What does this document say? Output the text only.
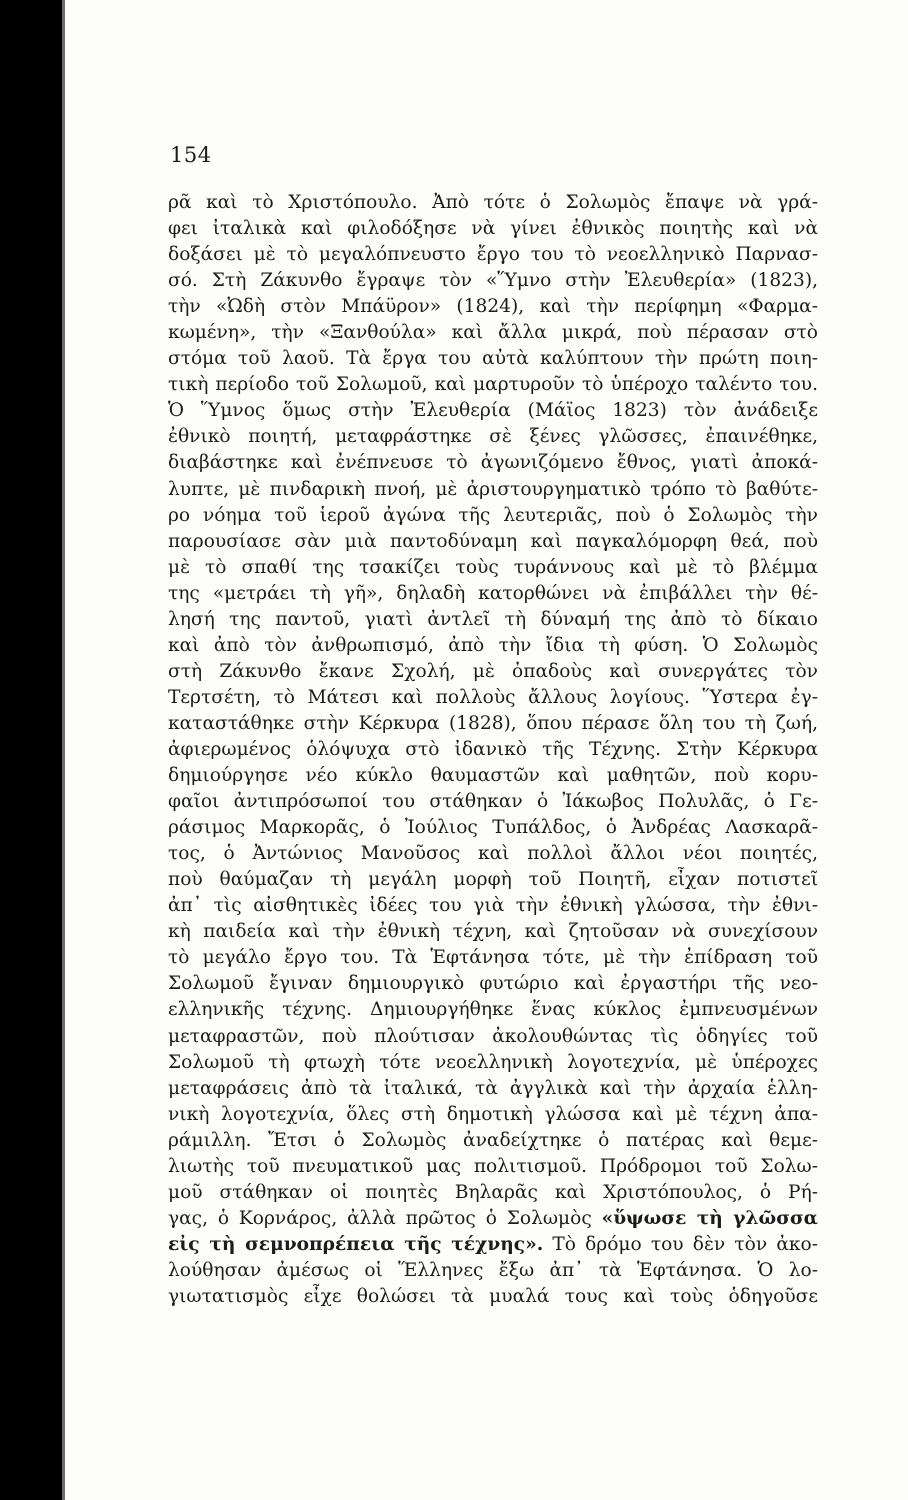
154
ρᾶ καὶ τὸ Χριστόπουλο. Ἀπὸ τότε ὁ Σολωμὸς ἔπαψε νὰ γρά-
φει ἰταλικὰ καὶ φιλοδόξησε νὰ γίνει ἐθνικὸς ποιητὴς καὶ νὰ
δοξάσει μὲ τὸ μεγαλόπνευστο ἔργο του τὸ νεοελληνικὸ Παρνασ-
σό. Στὴ Ζάκυνθο ἔγραψε τὸν «Ὕμνο στὴν Ἐλευθερία» (1823),
τὴν «Ὠδὴ στὸν Μπάϋρον» (1824), καὶ τὴν περίφημη «Φαρμα-
κωμένη», τὴν «Ξανθούλα» καὶ ἄλλα μικρά, ποὺ πέρασαν στὸ
στόμα τοῦ λαοῦ. Τὰ ἔργα του αὐτὰ καλύπτουν τὴν πρώτη ποιη-
τικὴ περίοδο τοῦ Σολωμοῦ, καὶ μαρτυροῦν τὸ ὑπέροχο ταλέντο του.
Ὁ Ὕμνος ὅμως στὴν Ἐλευθερία (Μάϊος 1823) τὸν ἀνάδειξε
ἐθνικὸ ποιητή, μεταφράστηκε σὲ ξένες γλῶσσες, ἐπαινέθηκε,
διαβάστηκε καὶ ἐνέπνευσε τὸ ἀγωνιζόμενο ἔθνος, γιατὶ ἀποκά-
λυπτε, μὲ πινδαρικὴ πνοή, μὲ ἀριστουργηματικὸ τρόπο τὸ βαθύτε-
ρο νόημα τοῦ ἱεροῦ ἀγώνα τῆς λευτεριᾶς, ποὺ ὁ Σολωμὸς τὴν
παρουσίασε σὰν μιὰ παντοδύναμη καὶ παγκαλόμορφη θεά, ποὺ
μὲ τὸ σπαθί της τσακίζει τοὺς τυράννους καὶ μὲ τὸ βλέμμα
της «μετράει τὴ γῆ», δηλαδὴ κατορθώνει νὰ ἐπιβάλλει τὴν θέ-
λησή της παντοῦ, γιατὶ ἀντλεῖ τὴ δύναμή της ἀπὸ τὸ δίκαιο
καὶ ἀπὸ τὸν ἀνθρωπισμό, ἀπὸ τὴν ἴδια τὴ φύση. Ὁ Σολωμὸς
στὴ Ζάκυνθο ἔκανε Σχολή, μὲ ὀπαδοὺς καὶ συνεργάτες τὸν
Τερτσέτη, τὸ Μάτεσι καὶ πολλοὺς ἄλλους λογίους. Ὕστερα ἐγ-
καταστάθηκε στὴν Κέρκυρα (1828), ὅπου πέρασε ὅλη του τὴ ζωή,
ἀφιερωμένος ὁλόψυχα στὸ ἰδανικὸ τῆς Τέχνης. Στὴν Κέρκυρα
δημιούργησε νέο κύκλο θαυμαστῶν καὶ μαθητῶν, ποὺ κορυ-
φαῖοι ἀντιπρόσωποί του στάθηκαν ὁ Ἰάκωβος Πολυλᾶς, ὁ Γε-
ράσιμος Μαρκορᾶς, ὁ Ἰούλιος Τυπάλδος, ὁ Ἀνδρέας Λασκαρᾶ-
τος, ὁ Ἀντώνιος Μανοῦσος καὶ πολλοὶ ἄλλοι νέοι ποιητές,
ποὺ θαύμαζαν τὴ μεγάλη μορφὴ τοῦ Ποιητῆ, εἶχαν ποτιστεῖ
ἀπ᾿ τὶς αἰσθητικὲς ἰδέες του γιὰ τὴν ἐθνικὴ γλώσσα, τὴν ἐθνι-
κὴ παιδεία καὶ τὴν ἐθνικὴ τέχνη, καὶ ζητοῦσαν νὰ συνεχίσουν
τὸ μεγάλο ἔργο του. Τὰ Ἑφτάνησα τότε, μὲ τὴν ἐπίδραση τοῦ
Σολωμοῦ ἔγιναν δημιουργικὸ φυτώριο καὶ ἐργαστήρι τῆς νεο-
ελληνικῆς τέχνης. Δημιουργήθηκε ἕνας κύκλος ἐμπνευσμένων
μεταφραστῶν, ποὺ πλούτισαν ἀκολουθώντας τὶς ὁδηγίες τοῦ
Σολωμοῦ τὴ φτωχὴ τότε νεοελληνικὴ λογοτεχνία, μὲ ὑπέροχες
μεταφράσεις ἀπὸ τὰ ἰταλικά, τὰ ἀγγλικὰ καὶ τὴν ἀρχαία ἑλλη-
νικὴ λογοτεχνία, ὅλες στὴ δημοτικὴ γλώσσα καὶ μὲ τέχνη ἀπα-
ράμιλλη. Ἔτσι ὁ Σολωμὸς ἀναδείχτηκε ὁ πατέρας καὶ θεμε-
λιωτὴς τοῦ πνευματικοῦ μας πολιτισμοῦ. Πρόδρομοι τοῦ Σολω-
μοῦ στάθηκαν οἱ ποιητὲς Βηλαρᾶς καὶ Χριστόπουλος, ὁ Ρή-
γας, ὁ Κορνάρος, ἀλλὰ πρῶτος ὁ Σολωμὸς «ὕψωσε τὴ γλῶσσα
εἰς τὴ σεμνοπρέπεια τῆς τέχνης». Τὸ δρόμο του δὲν τὸν ἀκο-
λούθησαν ἀμέσως οἱ Ἕλληνες ἔξω ἀπ᾿ τὰ Ἑφτάνησα. Ὁ λο-
γιωτατισμὸς εἶχε θολώσει τὰ μυαλά τους καὶ τοὺς ὁδηγοῦσε
